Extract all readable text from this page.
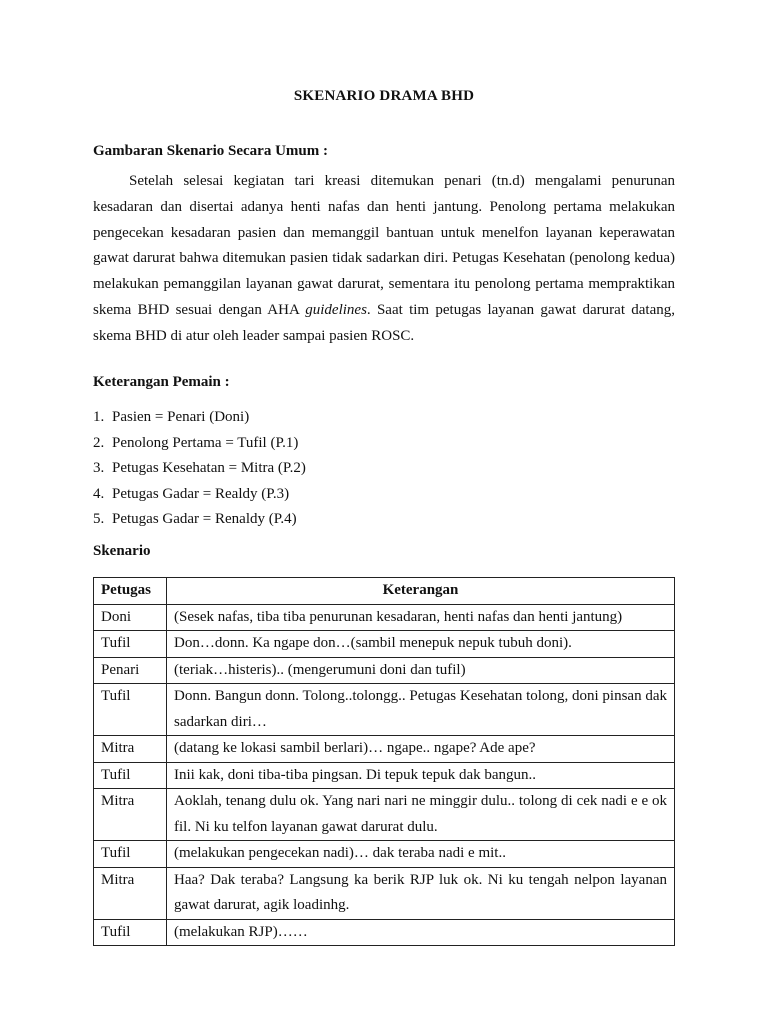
SKENARIO DRAMA BHD
Gambaran Skenario Secara Umum :
Setelah selesai kegiatan tari kreasi ditemukan penari (tn.d) mengalami penurunan kesadaran dan disertai adanya henti nafas dan henti jantung. Penolong pertama melakukan pengecekan kesadaran pasien dan memanggil bantuan untuk menelfon layanan keperawatan gawat darurat bahwa ditemukan pasien tidak sadarkan diri. Petugas Kesehatan (penolong kedua) melakukan pemanggilan layanan gawat darurat, sementara itu penolong pertama mempraktikan skema BHD sesuai dengan AHA guidelines. Saat tim petugas layanan gawat darurat datang, skema BHD di atur oleh leader sampai pasien ROSC.
Keterangan Pemain :
1. Pasien = Penari (Doni)
2. Penolong Pertama = Tufil (P.1)
3. Petugas Kesehatan = Mitra (P.2)
4. Petugas Gadar = Realdy (P.3)
5. Petugas Gadar = Renaldy (P.4)
Skenario
Petugas	Keterangan
Doni	(Sesek nafas, tiba tiba penurunan kesadaran, henti nafas dan henti jantung)
Tufil	Don…donn. Ka ngape don…(sambil menepuk nepuk tubuh doni).
Penari	(teriak…histeris).. (mengerumuni doni dan tufil)
Tufil	Donn. Bangun donn. Tolong..tolongg.. Petugas Kesehatan tolong, doni pinsan dak sadarkan diri…
Mitra	(datang ke lokasi sambil berlari)… ngape.. ngape? Ade ape?
Tufil	Inii kak, doni tiba-tiba pingsan. Di tepuk tepuk dak bangun..
Mitra	Aoklah, tenang dulu ok. Yang nari nari ne minggir dulu.. tolong di cek nadi e e ok fil. Ni ku telfon layanan gawat darurat dulu.
Tufil	(melakukan pengecekan nadi)… dak teraba nadi e mit..
Mitra	Haa? Dak teraba? Langsung ka berik RJP luk ok. Ni ku tengah nelpon layanan gawat darurat, agik loadinhg.
Tufil	(melakukan RJP)……
